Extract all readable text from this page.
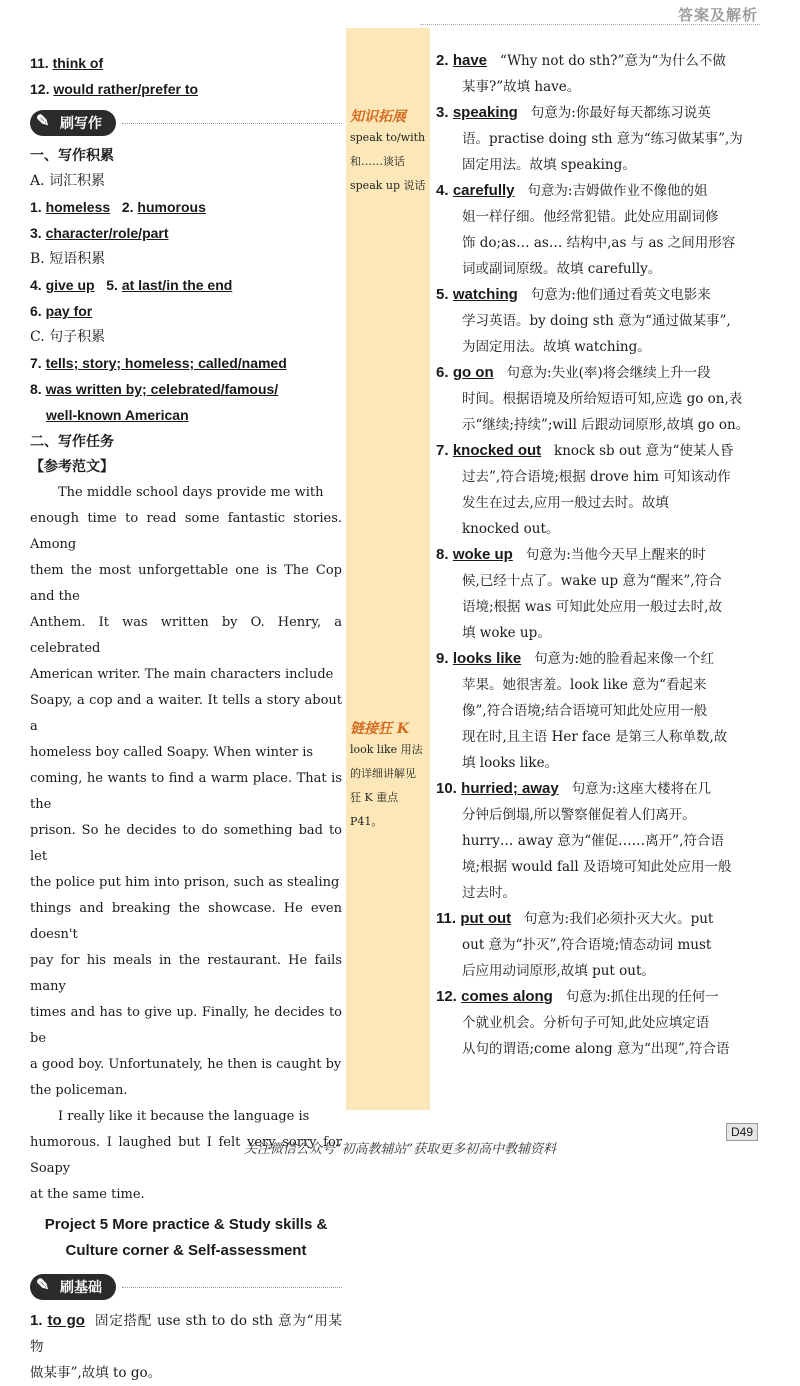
答案及解析
知识拓展
speak to/with
和……谈话
speak up 说话
链接狂 K
look like 用法
的详细讲解见
狂 K 重点 P41。
11. think of
12. would rather/prefer to
✎ 刷写作
一、写作积累
A. 词汇积累
1. homeless 2. humorous
3. character/role/part
B. 短语积累
4. give up 5. at last/in the end
6. pay for
C. 句子积累
7. tells; story; homeless; called/named
8. was written by; celebrated/famous/
well-known American
二、写作任务
【参考范文】
The middle school days provide me with
enough time to read some fantastic stories. Among
them the most unforgettable one is The Cop and the
Anthem. It was written by O. Henry, a celebrated
American writer. The main characters include
Soapy, a cop and a waiter. It tells a story about a
homeless boy called Soapy. When winter is
coming, he wants to find a warm place. That is the
prison. So he decides to do something bad to let
the police put him into prison, such as stealing
things and breaking the showcase. He even doesn't
pay for his meals in the restaurant. He fails many
times and has to give up. Finally, he decides to be
a good boy. Unfortunately, he then is caught by
the policeman.
I really like it because the language is
humorous. I laughed but I felt very sorry for Soapy
at the same time.
Project 5 More practice & Study skills &
Culture corner & Self-assessment
✎ 刷基础
1. to go 固定搭配 use sth to do sth 意为“用某物
做某事”,故填 to go。
2. have “Why not do sth?”意为“为什么不做
某事?”故填 have。
3. speaking 句意为:你最好每天都练习说英
语。practise doing sth 意为“练习做某事”,为
固定用法。故填 speaking。
4. carefully 句意为:吉姆做作业不像他的姐
姐一样仔细。他经常犯错。此处应用副词修
饰 do;as… as… 结构中,as 与 as 之间用形容
词或副词原级。故填 carefully。
5. watching 句意为:他们通过看英文电影来
学习英语。by doing sth 意为“通过做某事”,
为固定用法。故填 watching。
6. go on 句意为:失业(率)将会继续上升一段
时间。根据语境及所给短语可知,应选 go on,表
示“继续;持续”;will 后跟动词原形,故填 go on。
7. knocked out knock sb out 意为“使某人昏
过去”,符合语境;根据 drove him 可知该动作
发生在过去,应用一般过去时。故填
knocked out。
8. woke up 句意为:当他今天早上醒来的时
候,已经十点了。wake up 意为“醒来”,符合
语境;根据 was 可知此处应用一般过去时,故
填 woke up。
9. looks like 句意为:她的脸看起来像一个红
苹果。她很害羞。look like 意为“看起来
像”,符合语境;结合语境可知此处应用一般
现在时,且主语 Her face 是第三人称单数,故
填 looks like。
10. hurried; away 句意为:这座大楼将在几
分钟后倒塌,所以警察催促着人们离开。
hurry… away 意为“催促……离开”,符合语
境;根据 would fall 及语境可知此处应用一般
过去时。
11. put out 句意为:我们必须扑灭大火。put
out 意为“扑灭”,符合语境;情态动词 must
后应用动词原形,故填 put out。
12. comes along 句意为:抓住出现的任何一
个就业机会。分析句子可知,此处应填定语
从句的谓语;come along 意为“出现”,符合语
D49
关注微信公众号“初高教辅站”获取更多初高中教辅资料
